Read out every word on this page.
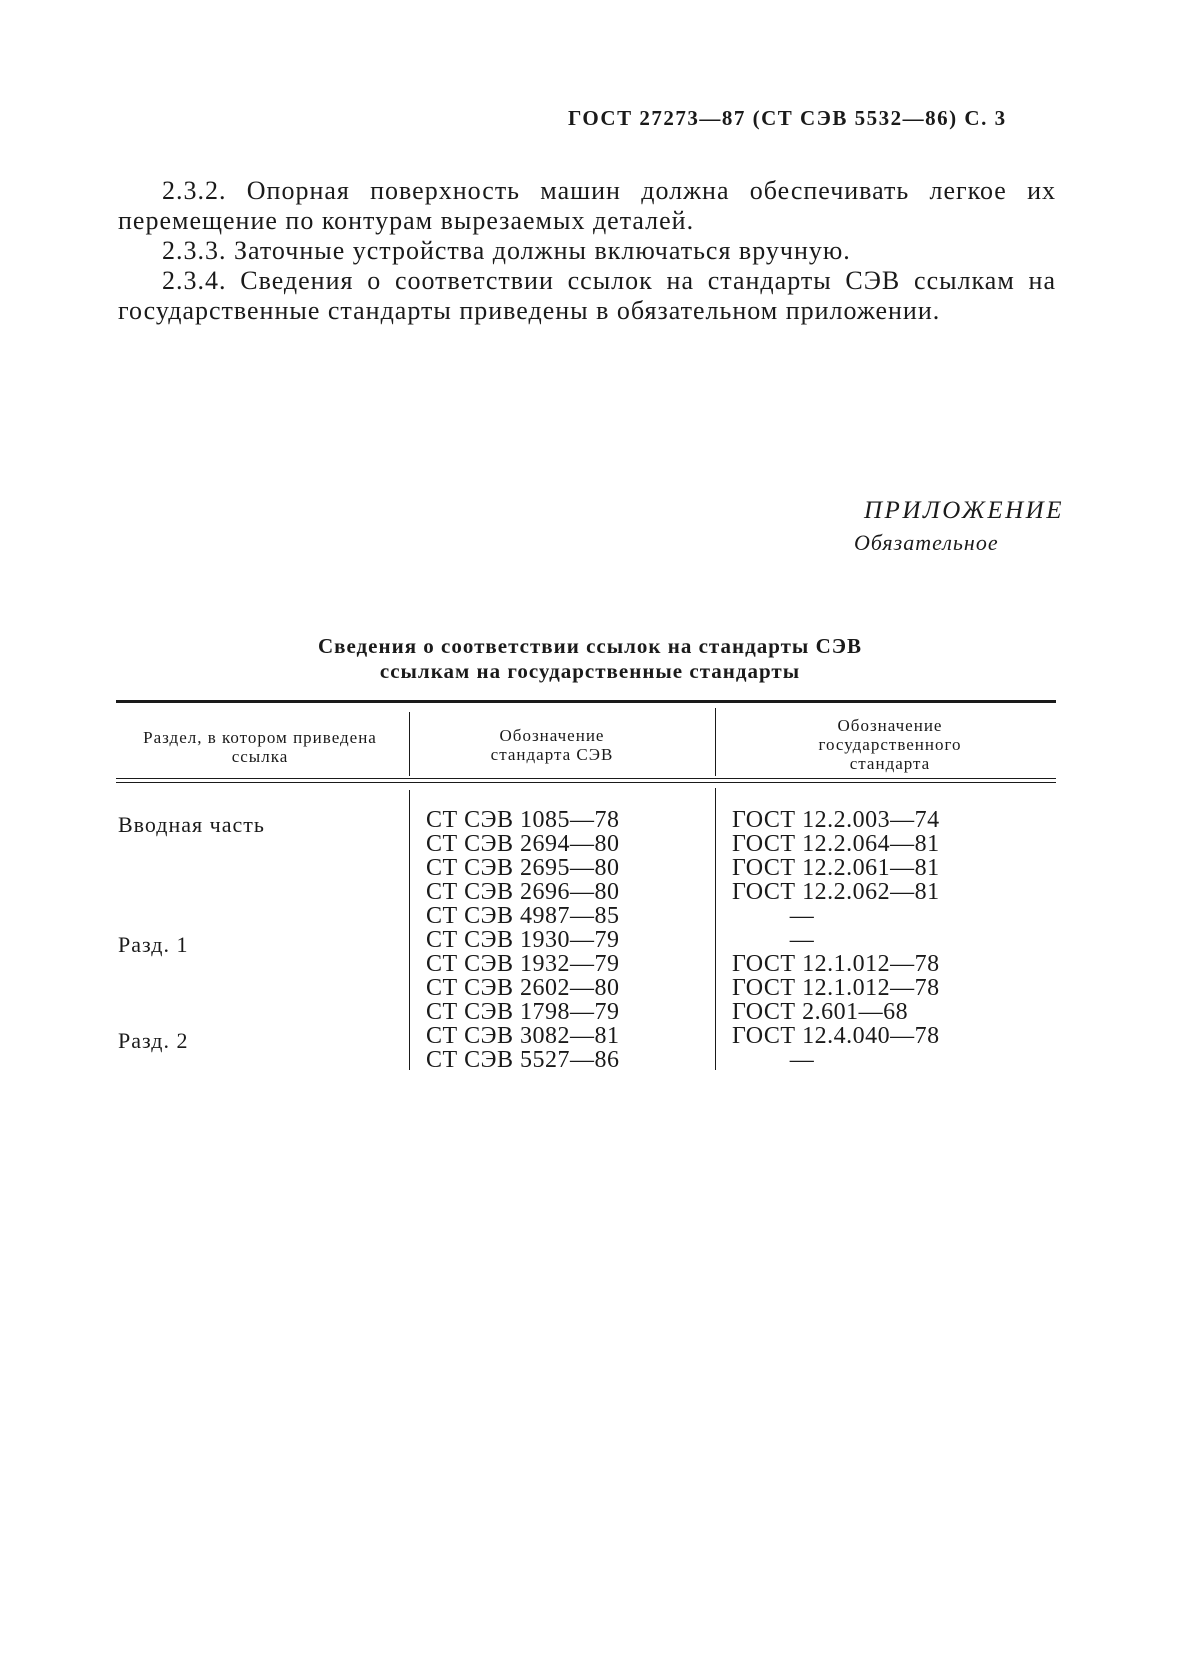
ГОСТ 27273—87 (СТ СЭВ 5532—86) С. 3

2.3.2. Опорная поверхность машин должна обеспечивать легкое их перемещение по контурам вырезаемых деталей.

2.3.3. Заточные устройства должны включаться вручную.

2.3.4. Сведения о соответствии ссылок на стандарты СЭВ ссылкам на государственные стандарты приведены в обязательном приложении.

ПРИЛОЖЕНИЕ
Обязательное
Сведения о соответствии ссылок на стандарты СЭВ
ссылкам на государственные стандарты
Раздел, в котором приведена ссылка
Обозначение стандарта СЭВ
Обозначение государственного стандарта
Вводная часть
Разд. 1
Разд. 2
СТ СЭВ 1085—78
СТ СЭВ 2694—80
СТ СЭВ 2695—80
СТ СЭВ 2696—80
СТ СЭВ 4987—85
СТ СЭВ 1930—79
СТ СЭВ 1932—79
СТ СЭВ 2602—80
СТ СЭВ 1798—79
СТ СЭВ 3082—81
СТ СЭВ 5527—86
ГОСТ 12.2.003—74
ГОСТ 12.2.064—81
ГОСТ 12.2.061—81
ГОСТ 12.2.062—81
—
—
ГОСТ 12.1.012—78
ГОСТ 12.1.012—78
ГОСТ 2.601—68
ГОСТ 12.4.040—78
—
